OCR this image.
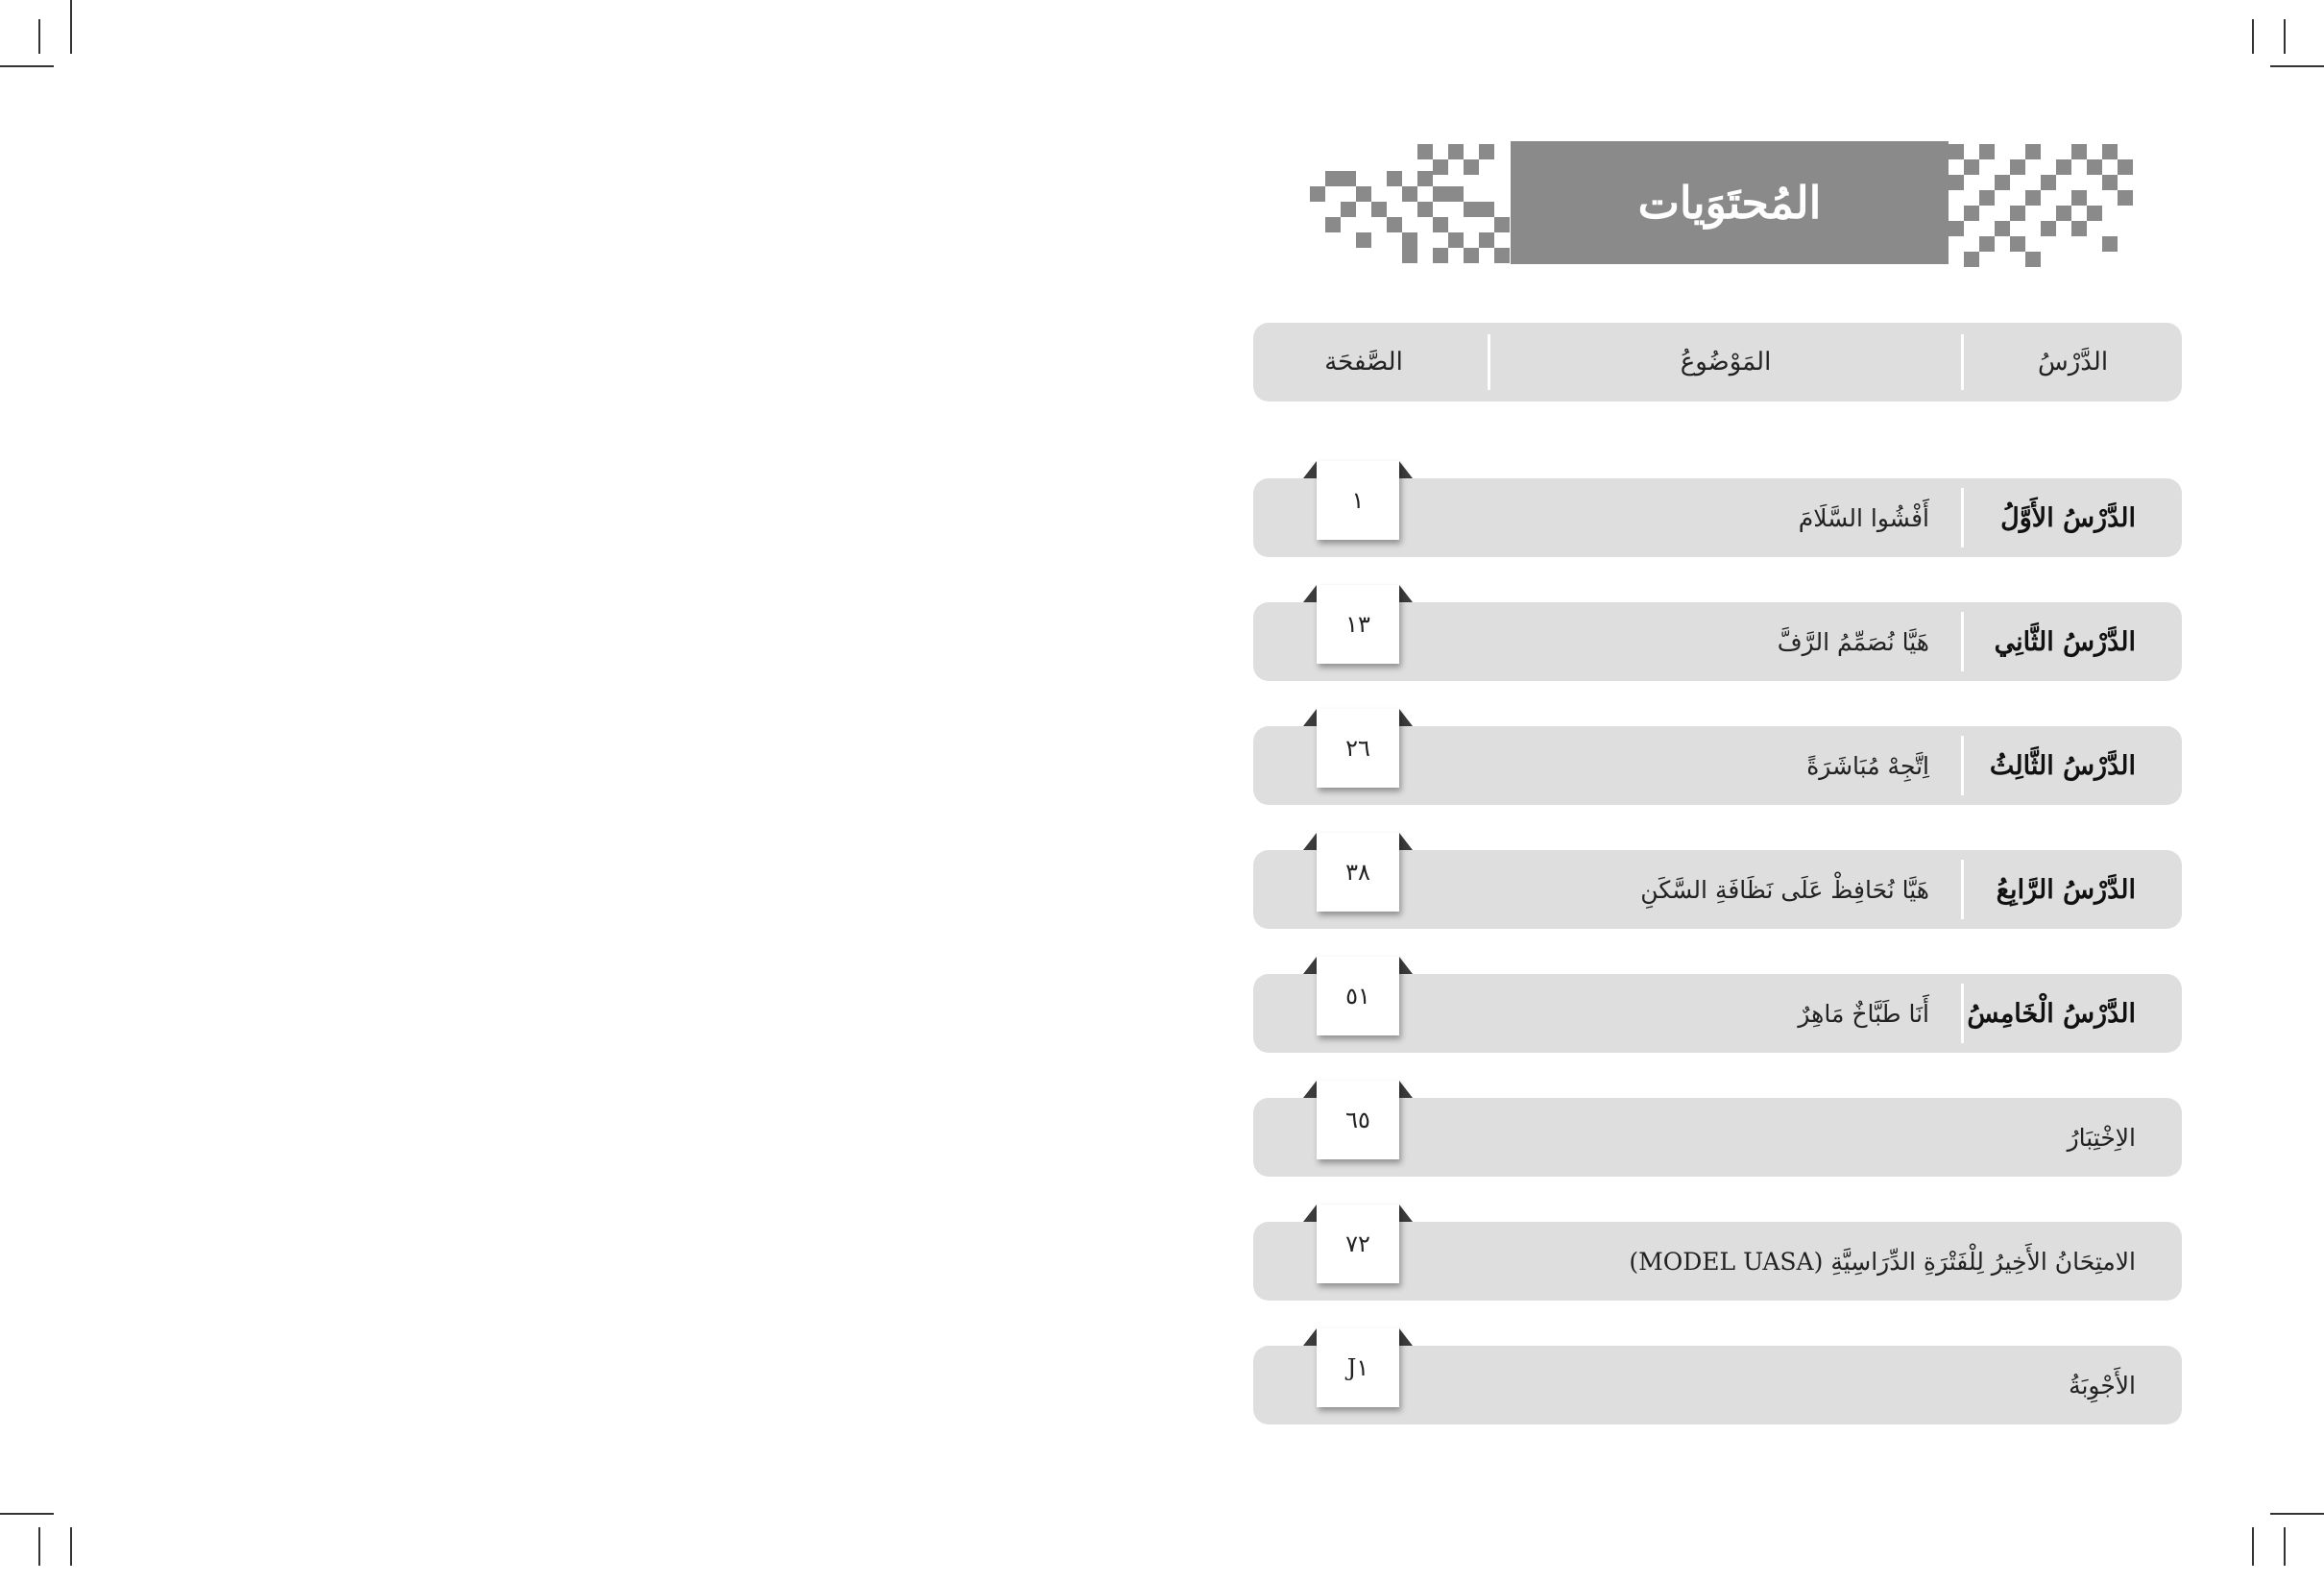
المُحتَوَيات
الصَّفحَة	المَوْضُوعُ	الدَّرْسُ
الدَّرْسُ الأَوَّلُ
أَفْشُوا السَّلَامَ
١
الدَّرْسُ الثَّانِي
هَيَّا نُصَمِّمُ الرَّفَّ
١٣
الدَّرْسُ الثَّالِثُ
اِتَّجِهْ مُبَاشَرَةً
٢٦
الدَّرْسُ الرَّابِعُ
هَيَّا نُحَافِظْ عَلَى نَظَافَةِ السَّكَنِ
٣٨
الدَّرْسُ الْخَامِسُ
أَنَا طَبَّاخٌ مَاهِرٌ
٥١
الاِخْتِبَارُ
٦٥
الامتِحَانُ الأَخِيرُ لِلْفَتْرَةِ الدِّرَاسِيَّةِ (MODEL UASA)
٧٢
الأَجْوِبَةُ
J١
